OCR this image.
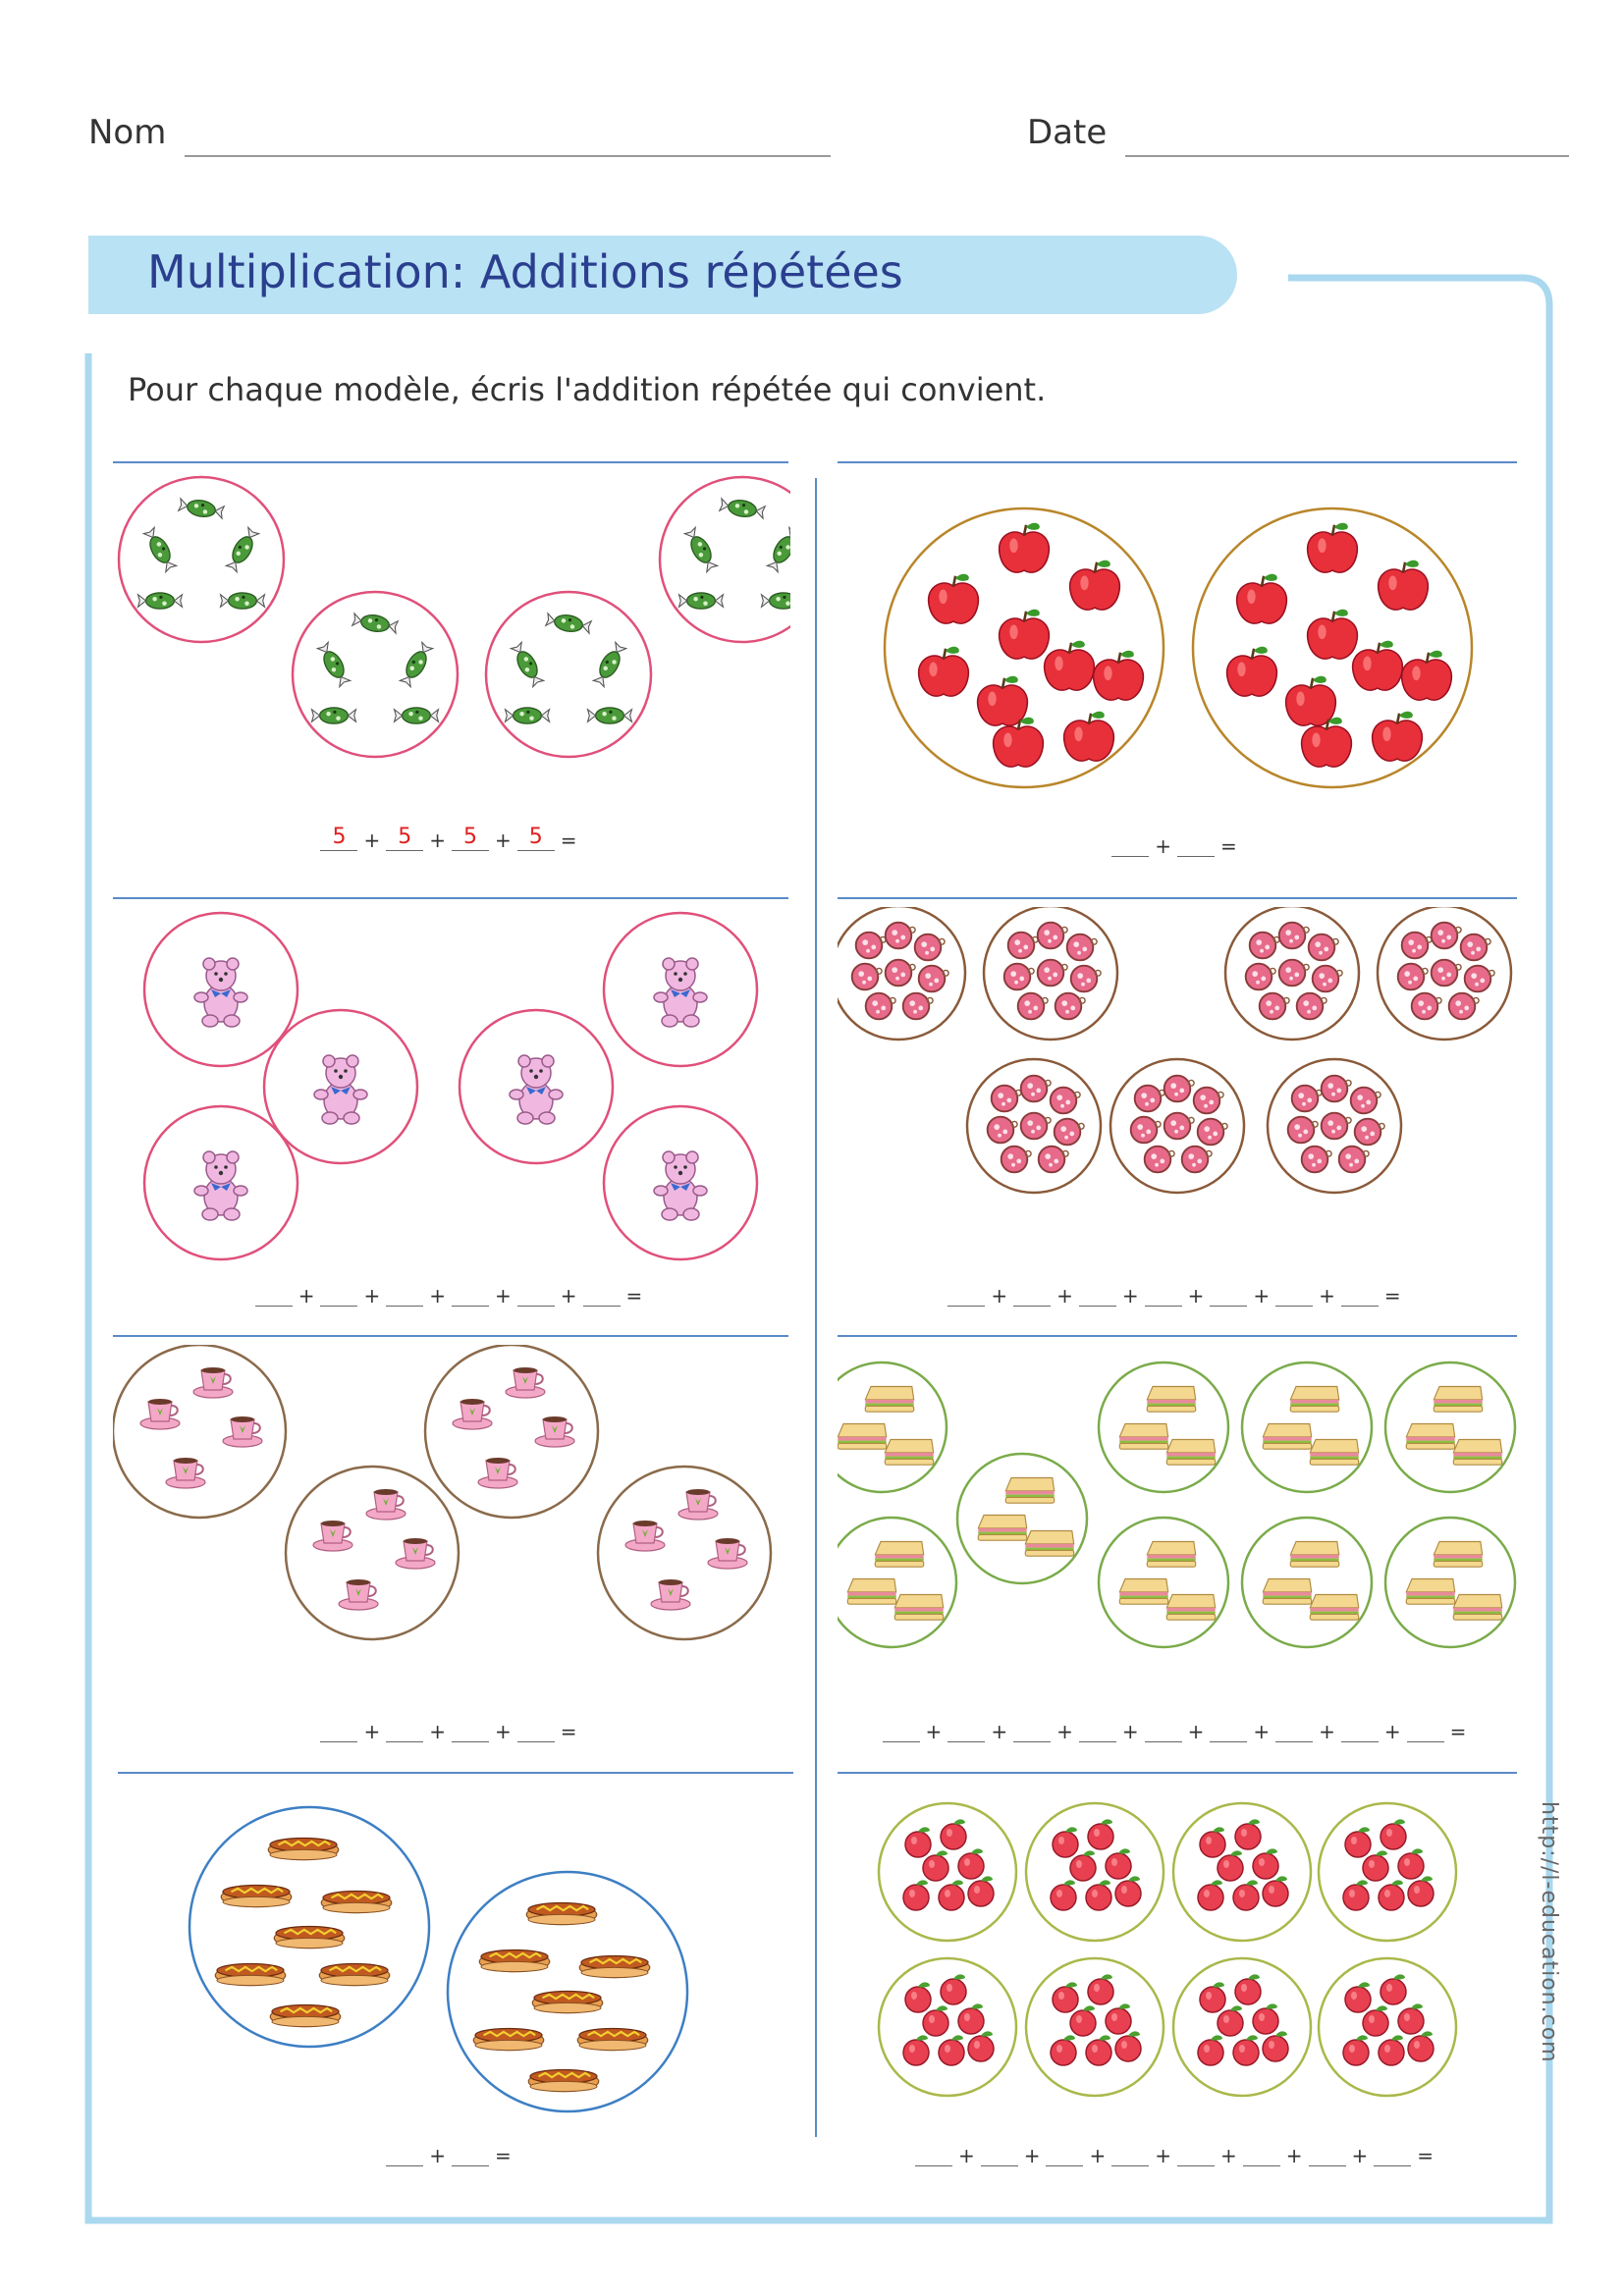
Nom	Date
Multiplication: Additions répétées
Pour chaque modèle, écris l'addition répétée qui convient.
5 + 5 + 5 + 5 =	+	=
+	+	+	+	+	=	+	+	+	+	+	+	=
+	+	+	=	+	+	+	+	+	+	+	+	=
+	=	+	+	+	+	+	+	+	=
http://l-education.com
